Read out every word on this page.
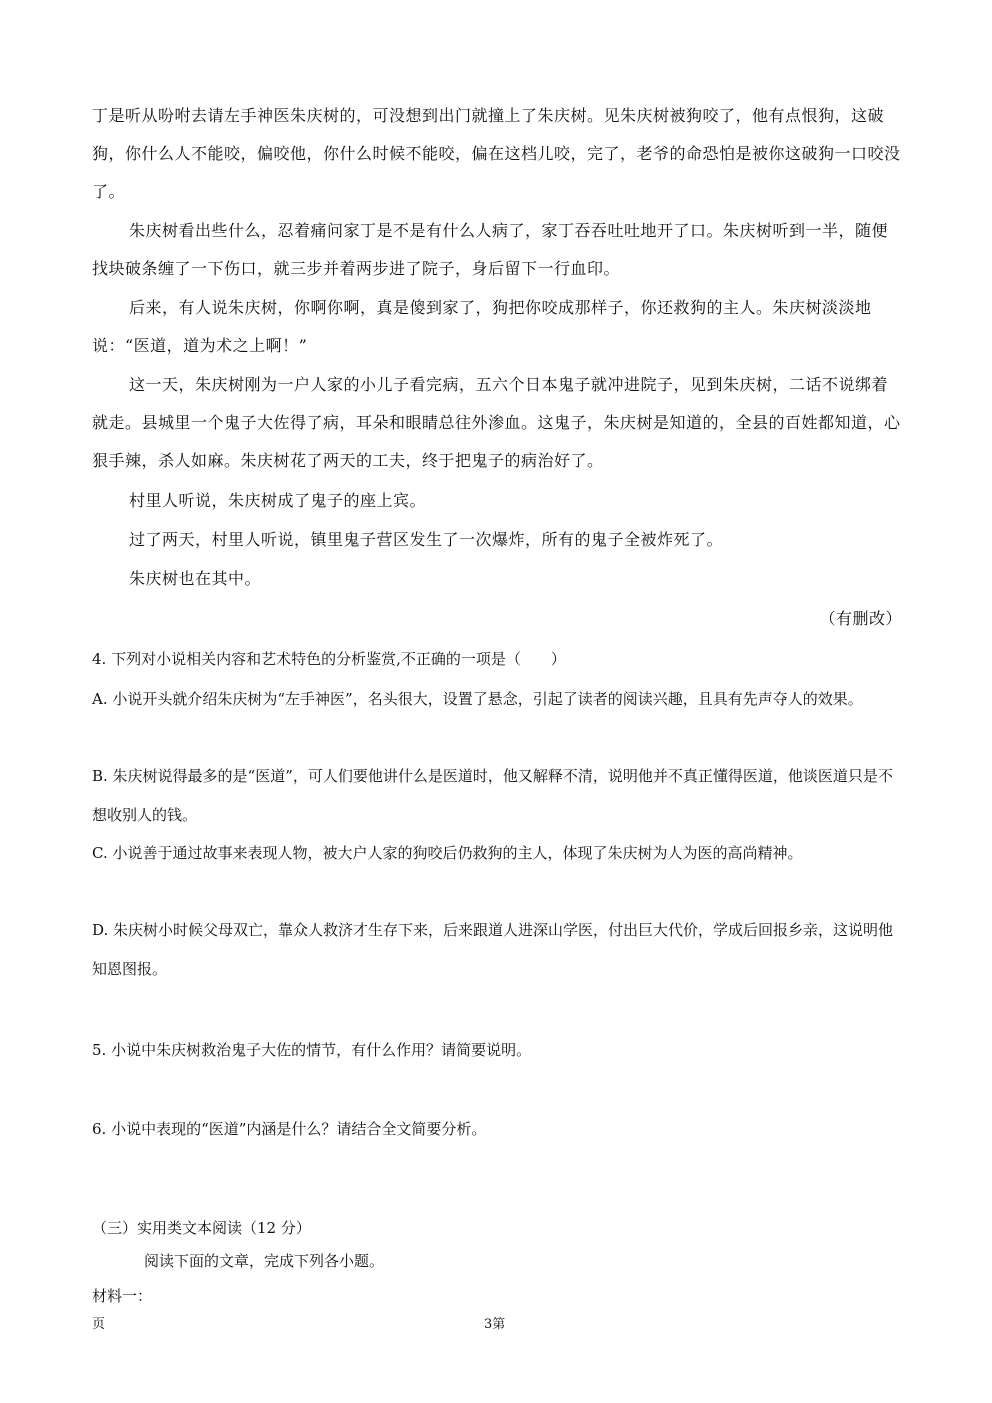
丁是听从吩咐去请左手神医朱庆树的，可没想到出门就撞上了朱庆树。见朱庆树被狗咬了，他有点恨狗，这破狗，你什么人不能咬，偏咬他，你什么时候不能咬，偏在这档儿咬，完了，老爷的命恐怕是被你这破狗一口咬没了。

朱庆树看出些什么，忍着痛问家丁是不是有什么人病了，家丁吞吞吐吐地开了口。朱庆树听到一半，随便找块破条缠了一下伤口，就三步并着两步进了院子，身后留下一行血印。

后来，有人说朱庆树，你啊你啊，真是傻到家了，狗把你咬成那样子，你还救狗的主人。朱庆树淡淡地说：“医道，道为术之上啊！”

这一天，朱庆树刚为一户人家的小儿子看完病，五六个日本鬼子就冲进院子，见到朱庆树，二话不说绑着就走。县城里一个鬼子大佐得了病，耳朵和眼睛总往外渗血。这鬼子，朱庆树是知道的，全县的百姓都知道，心狠手辣，杀人如麻。朱庆树花了两天的工夫，终于把鬼子的病治好了。

村里人听说，朱庆树成了鬼子的座上宾。

过了两天，村里人听说，镇里鬼子营区发生了一次爆炸，所有的鬼子全被炸死了。

朱庆树也在其中。

（有删改）

4. 下列对小说相关内容和艺术特色的分析鉴赏,不正确的一项是（　　）

A. 小说开头就介绍朱庆树为“左手神医”，名头很大，设置了悬念，引起了读者的阅读兴趣，且具有先声夺人的效果。

B. 朱庆树说得最多的是“医道”，可人们要他讲什么是医道时，他又解释不清，说明他并不真正懂得医道，他谈医道只是不想收别人的钱。

C. 小说善于通过故事来表现人物，被大户人家的狗咬后仍救狗的主人，体现了朱庆树为人为医的高尚精神。

D. 朱庆树小时候父母双亡，靠众人救济才生存下来，后来跟道人进深山学医，付出巨大代价，学成后回报乡亲，这说明他知恩图报。

5. 小说中朱庆树救治鬼子大佐的情节，有什么作用？请简要说明。

6. 小说中表现的“医道”内涵是什么？请结合全文简要分析。

（三）实用类文本阅读（12 分）

阅读下面的文章，完成下列各小题。

材料一：

页	3第
